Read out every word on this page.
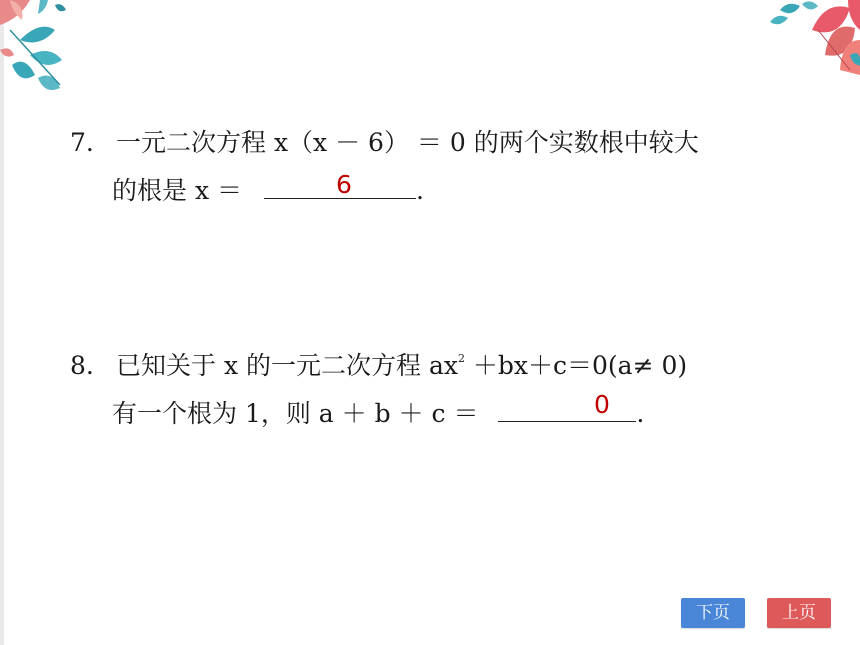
7. 一元二次方程 x（x － 6） ＝ 0 的两个实数根中较大
的根是 x ＝	.
6
8. 已知关于 x 的一元二次方程 $ax^2 +bx+c=0(a\ne 0)$
有一个根为 1，则 a ＋ b ＋ c ＝	.
0
下页	上页
